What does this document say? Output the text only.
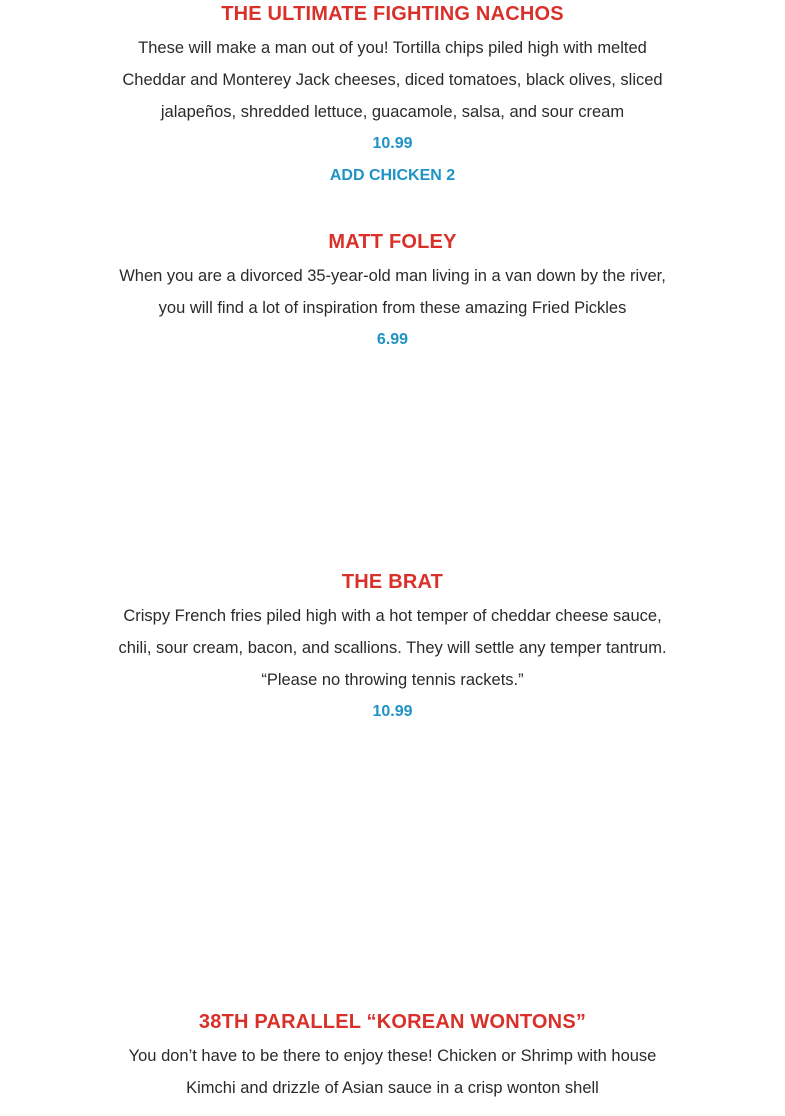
THE ULTIMATE FIGHTING NACHOS
These will make a man out of you! Tortilla chips piled high with melted
Cheddar and Monterey Jack cheeses, diced tomatoes, black olives, sliced
jalapeños, shredded lettuce, guacamole, salsa, and sour cream
10.99
ADD CHICKEN 2
MATT FOLEY
When you are a divorced 35-year-old man living in a van down by the river,
you will find a lot of inspiration from these amazing Fried Pickles
6.99
THE BRAT
Crispy French fries piled high with a hot temper of cheddar cheese sauce,
chili, sour cream, bacon, and scallions. They will settle any temper tantrum.
“Please no throwing tennis rackets.”
10.99
38TH PARALLEL “KOREAN WONTONS”
You don’t have to be there to enjoy these! Chicken or Shrimp with house
Kimchi and drizzle of Asian sauce in a crisp wonton shell
